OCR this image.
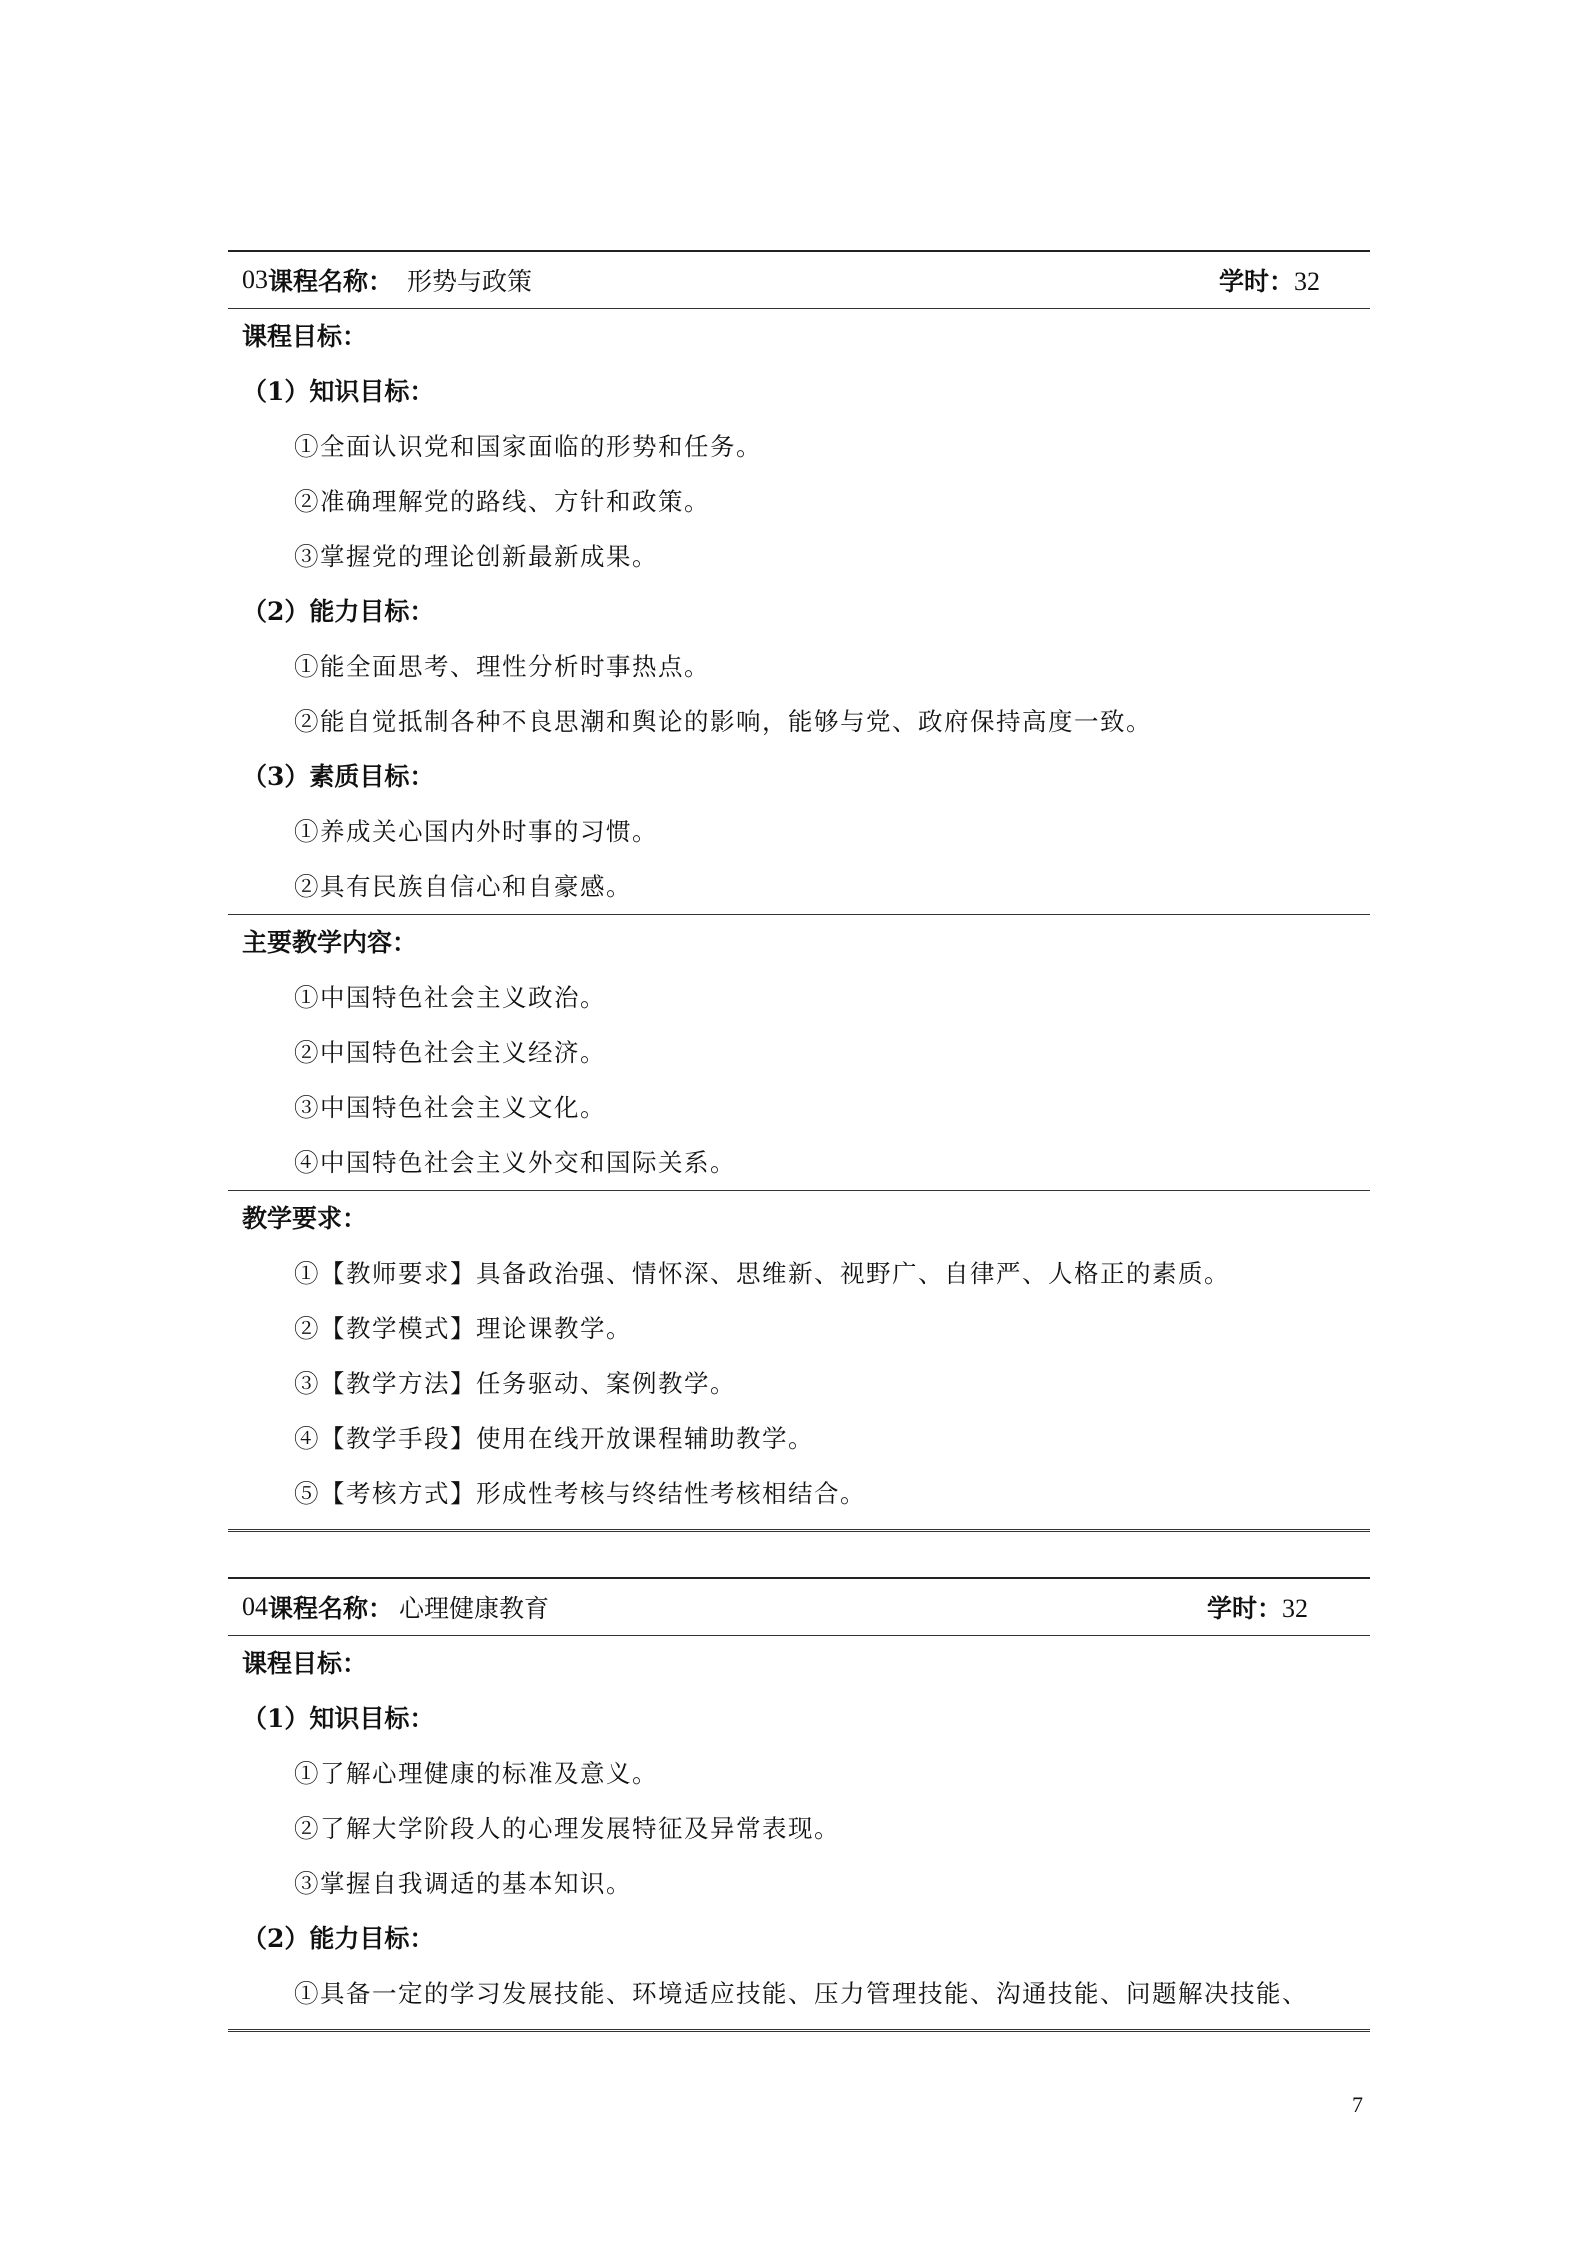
03 课程名称： 形势与政策	学时：32
课程目标：
（1）知识目标：
①全面认识党和国家面临的形势和任务。
②准确理解党的路线、方针和政策。
③掌握党的理论创新最新成果。
（2）能力目标：
①能全面思考、理性分析时事热点。
②能自觉抵制各种不良思潮和舆论的影响，能够与党、政府保持高度一致。
（3）素质目标：
①养成关心国内外时事的习惯。
②具有民族自信心和自豪感。
主要教学内容：
①中国特色社会主义政治。
②中国特色社会主义经济。
③中国特色社会主义文化。
④中国特色社会主义外交和国际关系。
教学要求：
①【教师要求】具备政治强、情怀深、思维新、视野广、自律严、人格正的素质。
②【教学模式】理论课教学。
③【教学方法】任务驱动、案例教学。
④【教学手段】使用在线开放课程辅助教学。
⑤【考核方式】形成性考核与终结性考核相结合。
04 课程名称： 心理健康教育	学时：32
课程目标：
（1）知识目标：
①了解心理健康的标准及意义。
②了解大学阶段人的心理发展特征及异常表现。
③掌握自我调适的基本知识。
（2）能力目标：
①具备一定的学习发展技能、环境适应技能、压力管理技能、沟通技能、问题解决技能、
7
